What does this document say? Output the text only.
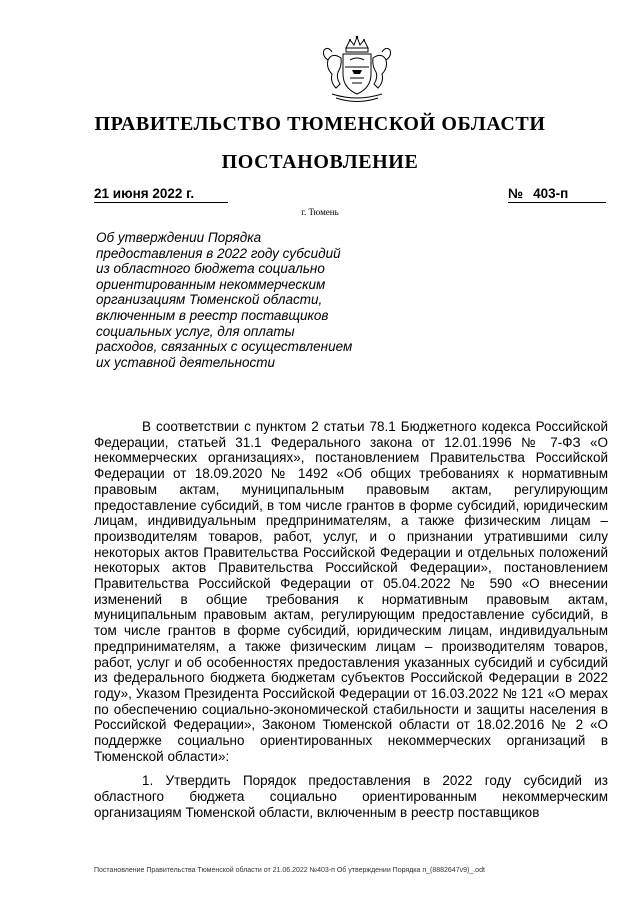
ПРАВИТЕЛЬСТВО ТЮМЕНСКОЙ ОБЛАСТИ
ПОСТАНОВЛЕНИЕ
21 июня 2022 г.	№ 403-п
г. Тюмень
Об утверждении Порядка
предоставления в 2022 году субсидий
из областного бюджета социально
ориентированным некоммерческим
организациям Тюменской области,
включенным в реестр поставщиков
социальных услуг, для оплаты
расходов, связанных с осуществлением
их уставной деятельности

В соответствии с пунктом 2 статьи 78.1 Бюджетного кодекса Российской Федерации, статьей 31.1 Федерального закона от 12.01.1996 № 7-ФЗ «О некоммерческих организациях», постановлением Правительства Российской Федерации от 18.09.2020 № 1492 «Об общих требованиях к нормативным правовым актам, муниципальным правовым актам, регулирующим предоставление субсидий, в том числе грантов в форме субсидий, юридическим лицам, индивидуальным предпринимателям, а также физическим лицам – производителям товаров, работ, услуг, и о признании утратившими силу некоторых актов Правительства Российской Федерации и отдельных положений некоторых актов Правительства Российской Федерации», постановлением Правительства Российской Федерации от 05.04.2022 № 590 «О внесении изменений в общие требования к нормативным правовым актам, муниципальным правовым актам, регулирующим предоставление субсидий, в том числе грантов в форме субсидий, юридическим лицам, индивидуальным предпринимателям, а также физическим лицам – производителям товаров, работ, услуг и об особенностях предоставления указанных субсидий и субсидий из федерального бюджета бюджетам субъектов Российской Федерации в 2022 году», Указом Президента Российской Федерации от 16.03.2022 № 121 «О мерах по обеспечению социально-экономической стабильности и защиты населения в Российской Федерации», Законом Тюменской области от 18.02.2016 № 2 «О поддержке социально ориентированных некоммерческих организаций в Тюменской области»:

1. Утвердить Порядок предоставления в 2022 году субсидий из областного бюджета социально ориентированным некоммерческим организациям Тюменской области, включенным в реестр поставщиков

Постановление Правительства Тюменской области от 21.06.2022 №403-п Об утверждении Порядка п_(8882647v9)_.odt
